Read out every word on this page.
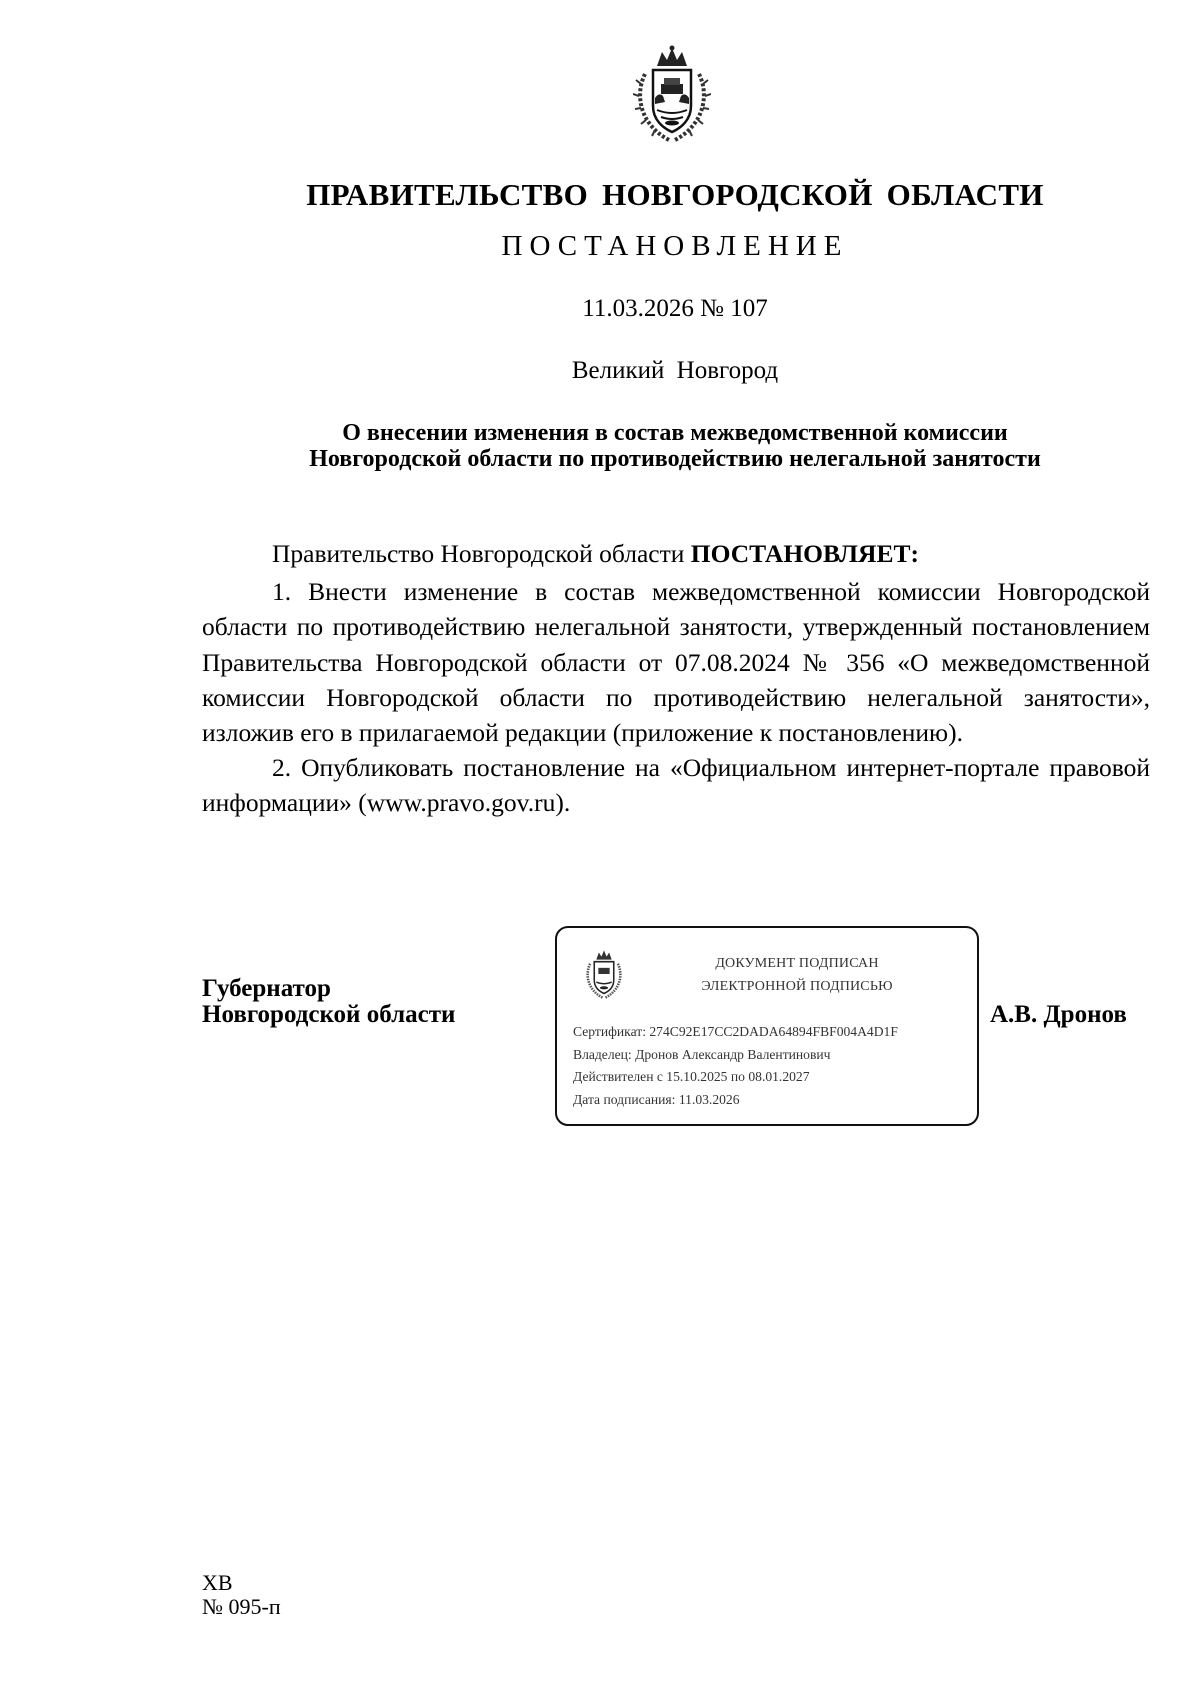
ПРАВИТЕЛЬСТВО НОВГОРОДСКОЙ ОБЛАСТИ
ПОСТАНОВЛЕНИЕ
11.03.2026 № 107
Великий Новгород
О внесении изменения в состав межведомственной комиссии
Новгородской области по противодействию нелегальной занятости

Правительство Новгородской области ПОСТАНОВЛЯЕТ:

1. Внести изменение в состав межведомственной комиссии Новгородской области по противодействию нелегальной занятости, утвержденный постановлением Правительства Новгородской области от 07.08.2024 № 356 «О межведомственной комиссии Новгородской области по противодействию нелегальной занятости», изложив его в прилагаемой редакции (приложение к постановлению).

2. Опубликовать постановление на «Официальном интернет-портале правовой информации» (www.pravo.gov.ru).

Губернатор
Новгородской области
ДОКУМЕНТ ПОДПИСАН
ЭЛЕКТРОННОЙ ПОДПИСЬЮ
Сертификат: 274C92E17CC2DADA64894FBF004A4D1F
Владелец: Дронов Александр Валентинович
Действителен с 15.10.2025 по 08.01.2027
Дата подписания: 11.03.2026
А.В. Дронов
ХВ
№ 095-п
